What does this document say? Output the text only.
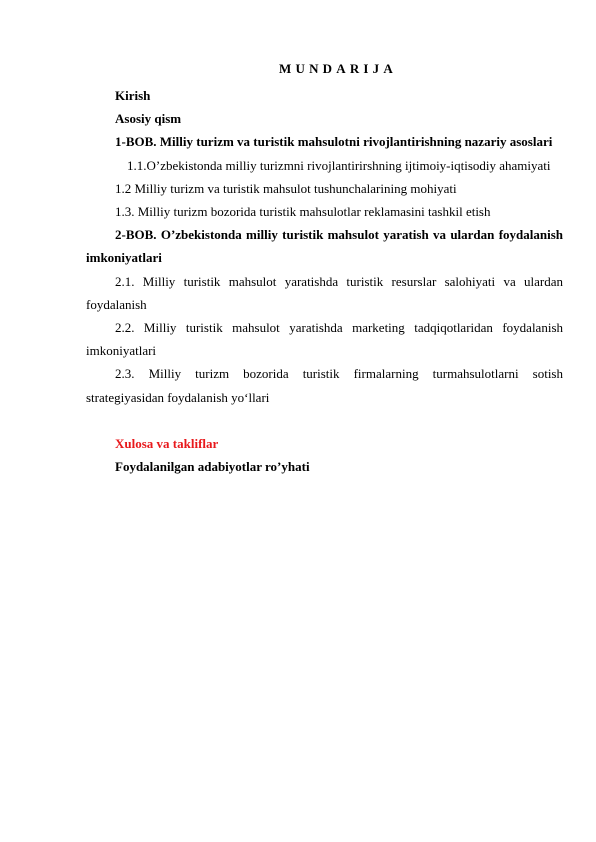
MUNDARIJA

Kirish

Asosiy qism

1-BOB. Milliy turizm va turistik mahsulotni rivojlantirishning nazariy asoslari

1.1.O’zbekistonda milliy turizmni rivojlantirirshning ijtimoiy-iqtisodiy ahamiyati

1.2 Milliy turizm va turistik mahsulot tushunchalarining mohiyati

1.3. Milliy turizm bozorida turistik mahsulotlar reklamasini tashkil etish

2-BOB. O’zbekistonda milliy turistik mahsulot yaratish va ulardan foydalanish imkoniyatlari

2.1. Milliy turistik mahsulot yaratishda turistik resurslar salohiyati va ulardan foydalanish

2.2. Milliy turistik mahsulot yaratishda marketing tadqiqotlaridan foydalanish imkoniyatlari

2.3. Milliy turizm bozorida turistik firmalarning turmahsulotlarni sotish strategiyasidan foydalanish yo‘llari

Xulosa va takliflar

Foydalanilgan adabiyotlar ro’yhati
